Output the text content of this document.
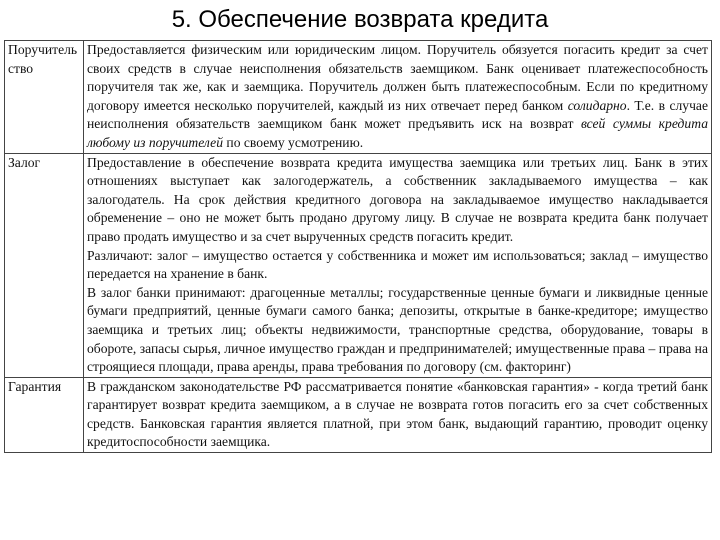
5. Обеспечение возврата кредита
Поручительство	Предоставляется физическим или юридическим лицом. Поручитель обязуется погасить кредит за счет своих средств в случае неисполнения обязательств заемщиком. Банк оценивает платежеспособность поручителя так же, как и заемщика. Поручитель должен быть платежеспособным. Если по кредитному договору имеется несколько поручителей, каждый из них отвечает перед банком солидарно. Т.е. в случае неисполнения обязательств заемщиком банк может предъявить иск на возврат всей суммы кредита любому из поручителей по своему усмотрению.

Залог	Предоставление в обеспечение возврата кредита имущества заемщика или третьих лиц. Банк в этих отношениях выступает как залогодержатель, а собственник закладываемого имущества – как залогодатель. На срок действия кредитного договора на закладываемое имущество накладывается обременение – оно не может быть продано другому лицу. В случае не возврата кредита банк получает право продать имущество и за счет вырученных средств погасить кредит.
Различают: залог – имущество остается у собственника и может им использоваться; заклад – имущество передается на хранение в банк.
В залог банки принимают: драгоценные металлы; государственные ценные бумаги и ликвидные ценные бумаги предприятий, ценные бумаги самого банка; депозиты, открытые в банке-кредиторе; имущество заемщика и третьих лиц; объекты недвижимости, транспортные средства, оборудование, товары в обороте, запасы сырья, личное имущество граждан и предпринимателей; имущественные права – права на строящиеся площади, права аренды, права требования по договору (см. факторинг)

Гарантия	В гражданском законодательстве РФ рассматривается понятие «банковская гарантия» - когда третий банк гарантирует возврат кредита заемщиком, а в случае не возврата готов погасить его за счет собственных средств. Банковская гарантия является платной, при этом банк, выдающий гарантию, проводит оценку кредитоспособности заемщика.
